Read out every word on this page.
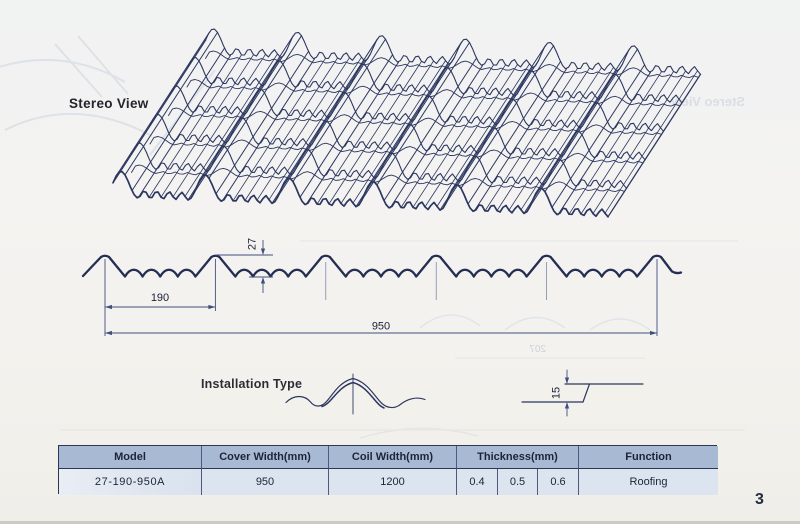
Stereo View
207
27
190
950
15
Stereo View
Installation Type
Model	Cover Width(mm)	Coil Width(mm)	Thickness(mm)	Function
27-190-950A	950	1200	0.4	0.5	0.6	Roofing
3
